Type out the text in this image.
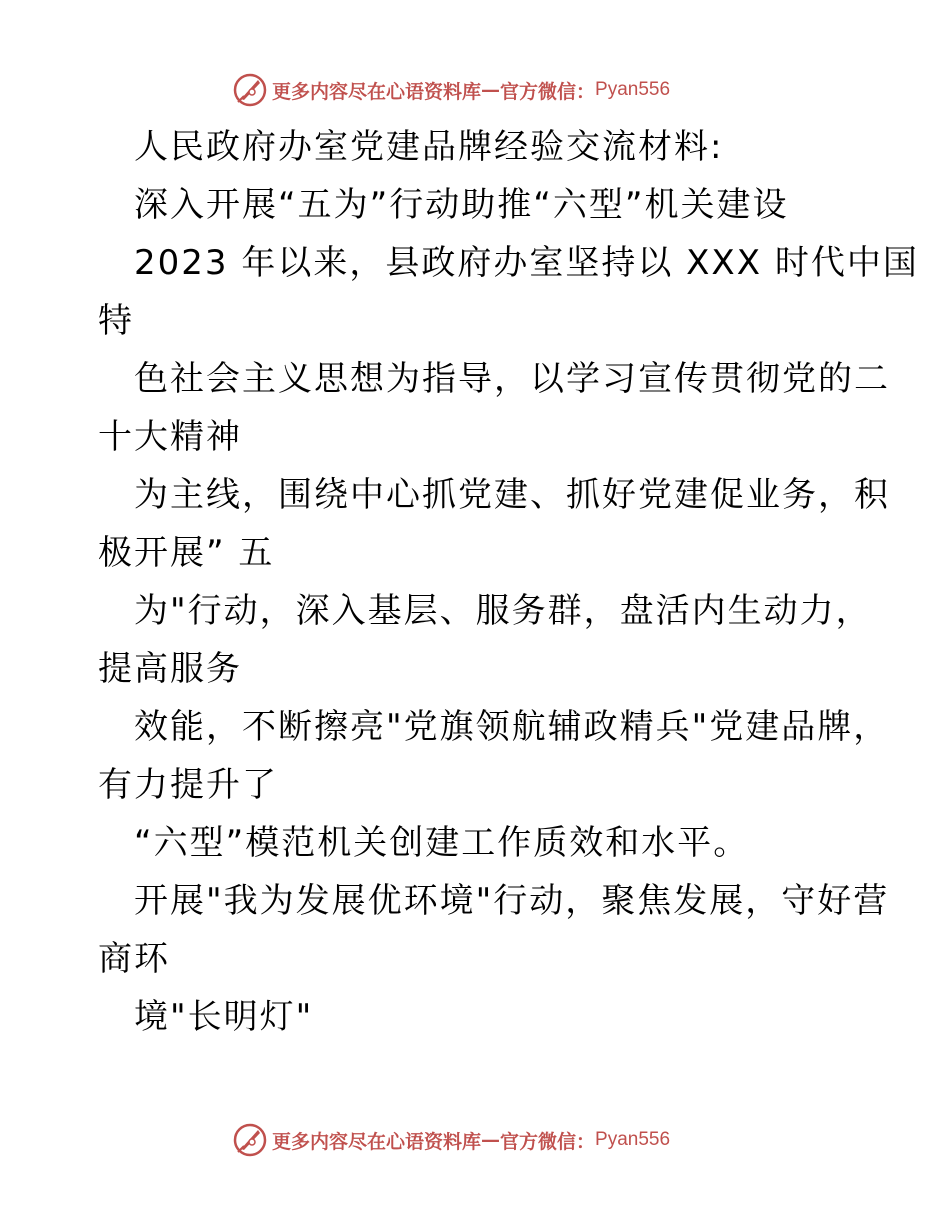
更多内容尽在心语资料库 — 官方微信： Pyan556
人民政府办室党建品牌经验交流材料:
深入开展“五为”行动助推“六型”机关建设
2023 年以来，县政府办室坚持以 XXX 时代中国
特
色社会主义思想为指导，以学习宣传贯彻党的二
十大精神
为主线，围绕中心抓党建、抓好党建促业务，积
极开展” 五
为"行动，深入基层、服务群，盘活内生动力，
提高服务
效能，不断擦亮"党旗领航辅政精兵"党建品牌，
有力提升了
“六型”模范机关创建工作质效和水平。
开展"我为发展优环境"行动，聚焦发展，守好营
商环
境"长明灯"
更多内容尽在心语资料库 — 官方微信： Pyan556
